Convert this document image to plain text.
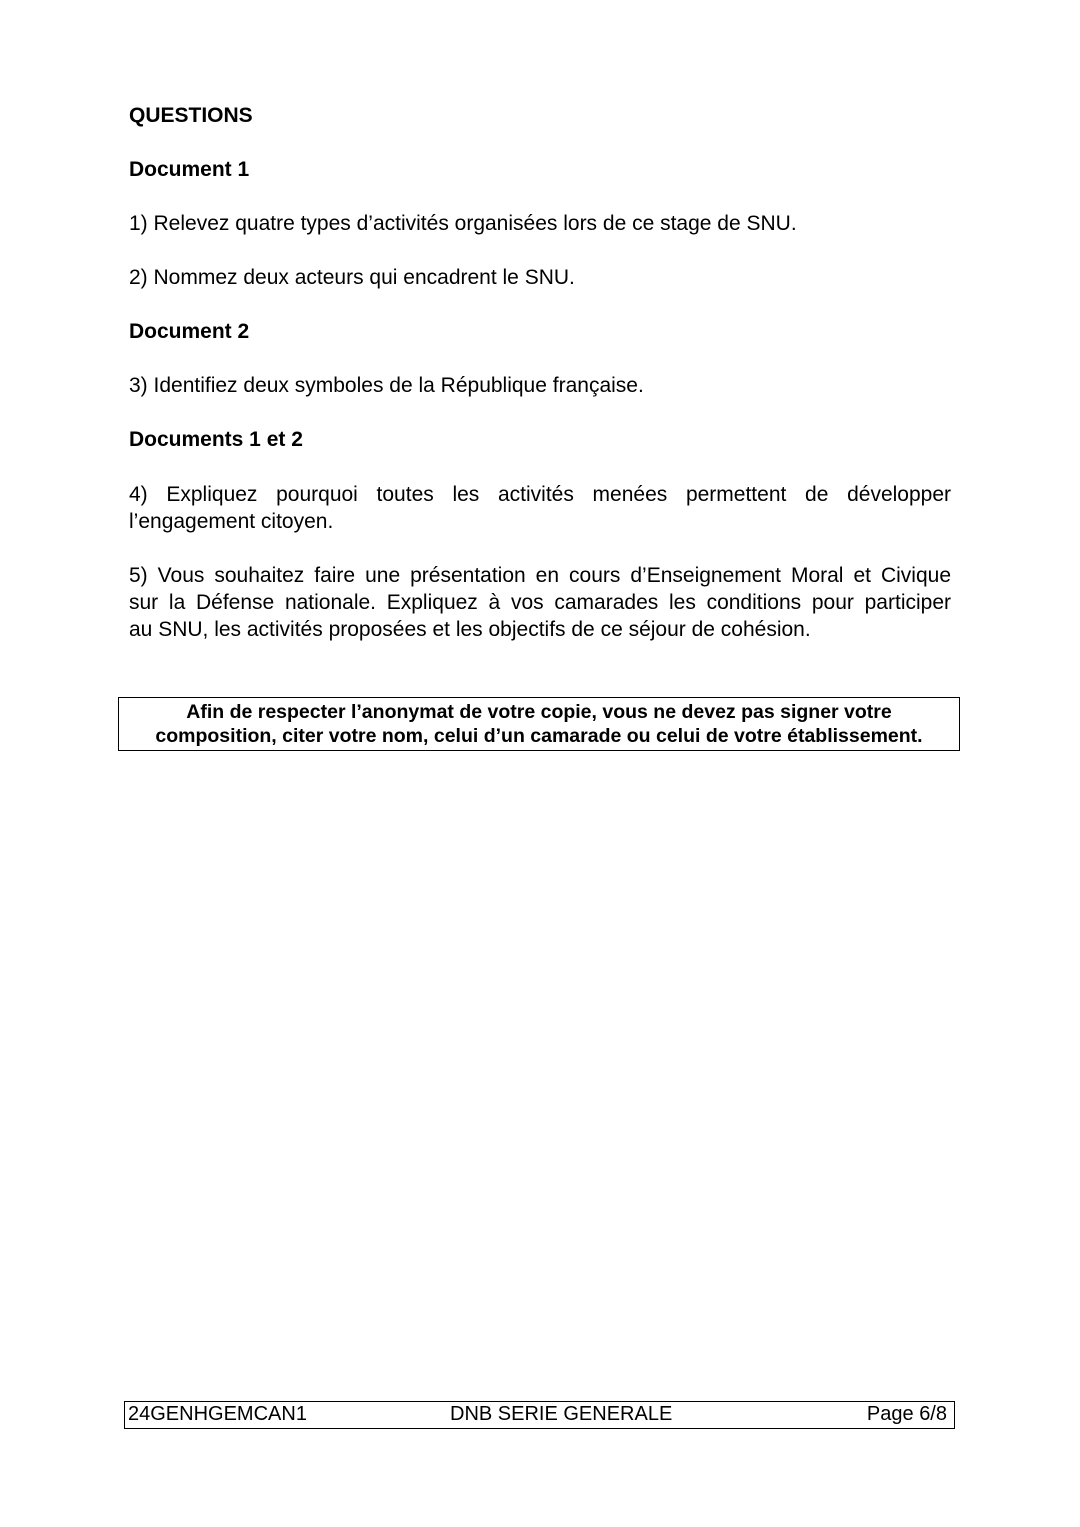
QUESTIONS

Document 1

1) Relevez quatre types d’activités organisées lors de ce stage de SNU.

2) Nommez deux acteurs qui encadrent le SNU.

Document 2

3) Identifiez deux symboles de la République française.

Documents 1 et 2

4) Expliquez pourquoi toutes les activités menées permettent de développer

l’engagement citoyen.

5) Vous souhaitez faire une présentation en cours d’Enseignement Moral et Civique

sur la Défense nationale. Expliquez à vos camarades les conditions pour participer

au SNU, les activités proposées et les objectifs de ce séjour de cohésion.

Afin de respecter l’anonymat de votre copie, vous ne devez pas signer votre
composition, citer votre nom, celui d’un camarade ou celui de votre établissement.
24GENHGEMCAN1	DNB SERIE GENERALE	Page 6/8
